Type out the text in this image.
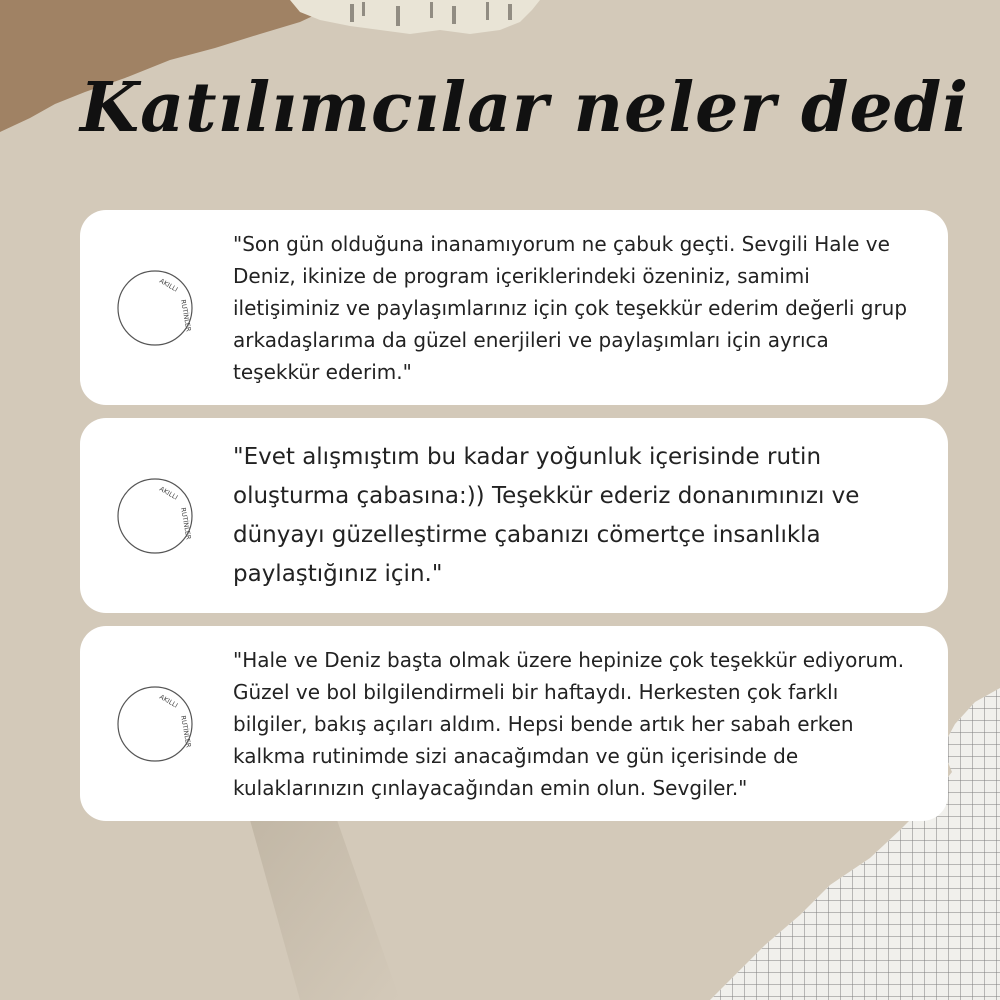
Katılımcılar neler dedi
AKILLI
RUTİNLER

"Son gün olduğuna inanamıyorum ne çabuk geçti. Sevgili Hale ve Deniz, ikinize de program içeriklerindeki özeniniz, samimi iletişiminiz ve paylaşımlarınız için çok teşekkür ederim değerli grup arkadaşlarıma da güzel enerjileri ve paylaşımları için ayrıca teşekkür ederim."

AKILLI
RUTİNLER

"Evet alışmıştım bu kadar yoğunluk içerisinde rutin oluşturma çabasına:)) Teşekkür ederiz donanımınızı ve dünyayı güzelleştirme çabanızı cömertçe insanlıkla paylaştığınız için."

AKILLI
RUTİNLER

"Hale ve Deniz başta olmak üzere hepinize çok teşekkür ediyorum. Güzel ve bol bilgilendirmeli bir haftaydı. Herkesten çok farklı bilgiler, bakış açıları aldım. Hepsi bende artık her sabah erken kalkma rutinimde sizi anacağımdan ve gün içerisinde de kulaklarınızın çınlayacağından emin olun. Sevgiler."
